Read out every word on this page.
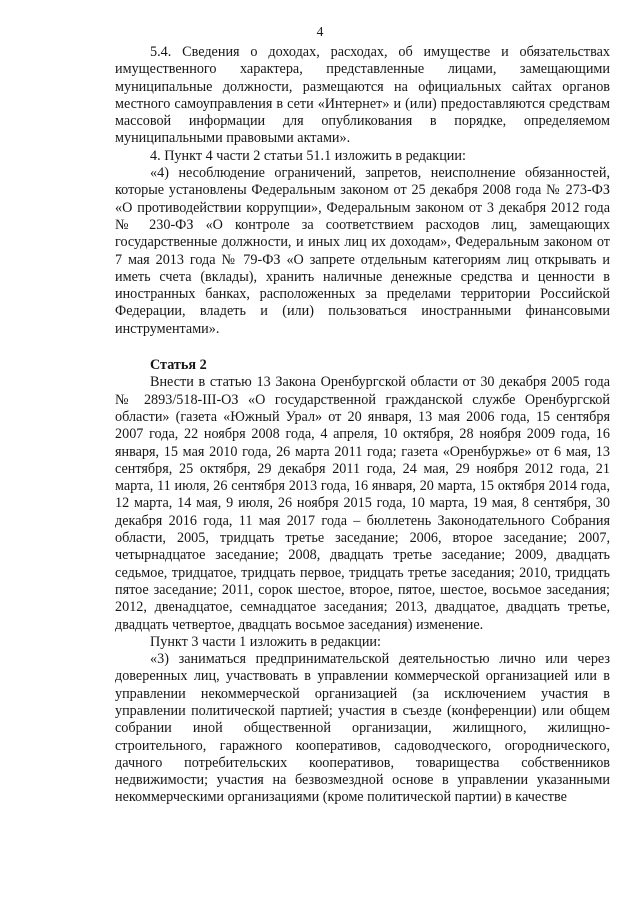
4

5.4. Сведения о доходах, расходах, об имуществе и обязательствах имущественного характера, представленные лицами, замещающими муниципальные должности, размещаются на официальных сайтах органов местного самоуправления в сети «Интернет» и (или) предоставляются средствам массовой информации для опубликования в порядке, определяемом муниципальными правовыми актами».

4. Пункт 4 части 2 статьи 51.1 изложить в редакции:

«4) несоблюдение ограничений, запретов, неисполнение обязанностей, которые установлены Федеральным законом от 25 декабря 2008 года № 273-ФЗ «О противодействии коррупции», Федеральным законом от 3 декабря 2012 года № 230-ФЗ «О контроле за соответствием расходов лиц, замещающих государственные должности, и иных лиц их доходам», Федеральным законом от 7 мая 2013 года № 79-ФЗ «О запрете отдельным категориям лиц открывать и иметь счета (вклады), хранить наличные денежные средства и ценности в иностранных банках, расположенных за пределами территории Российской Федерации, владеть и (или) пользоваться иностранными финансовыми инструментами».

Статья 2

Внести в статью 13 Закона Оренбургской области от 30 декабря 2005 года № 2893/518-III-ОЗ «О государственной гражданской службе Оренбургской области» (газета «Южный Урал» от 20 января, 13 мая 2006 года, 15 сентября 2007 года, 22 ноября 2008 года, 4 апреля, 10 октября, 28 ноября 2009 года, 16 января, 15 мая 2010 года, 26 марта 2011 года; газета «Оренбуржье» от 6 мая, 13 сентября, 25 октября, 29 декабря 2011 года, 24 мая, 29 ноября 2012 года, 21 марта, 11 июля, 26 сентября 2013 года, 16 января, 20 марта, 15 октября 2014 года, 12 марта, 14 мая, 9 июля, 26 ноября 2015 года, 10 марта, 19 мая, 8 сентября, 30 декабря 2016 года, 11 мая 2017 года – бюллетень Законодательного Собрания области, 2005, тридцать третье заседание; 2006, второе заседание; 2007, четырнадцатое заседание; 2008, двадцать третье заседание; 2009, двадцать седьмое, тридцатое, тридцать первое, тридцать третье заседания; 2010, тридцать пятое заседание; 2011, сорок шестое, второе, пятое, шестое, восьмое заседания; 2012, двенадцатое, семнадцатое заседания; 2013, двадцатое, двадцать третье, двадцать четвертое, двадцать восьмое заседания) изменение.

Пункт 3 части 1 изложить в редакции:

«3) заниматься предпринимательской деятельностью лично или через доверенных лиц, участвовать в управлении коммерческой организацией или в управлении некоммерческой организацией (за исключением участия в управлении политической партией; участия в съезде (конференции) или общем собрании иной общественной организации, жилищного, жилищно-строительного, гаражного кооперативов, садоводческого, огороднического, дачного потребительских кооперативов, товарищества собственников недвижимости; участия на безвозмездной основе в управлении указанными некоммерческими организациями (кроме политической партии) в качестве
